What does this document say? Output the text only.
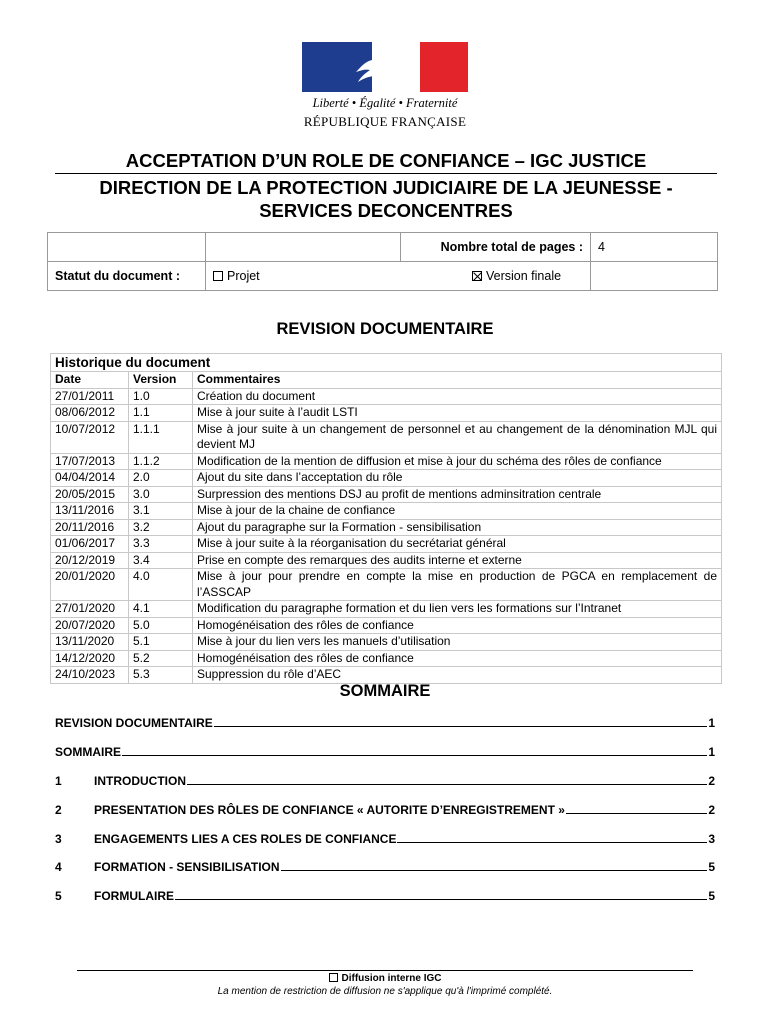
Liberté • Égalité • Fraternité
RÉPUBLIQUE FRANÇAISE
ACCEPTATION D’UN ROLE DE CONFIANCE – IGC JUSTICE
DIRECTION DE LA PROTECTION JUDICIAIRE DE LA JEUNESSE - SERVICES DECONCENTRES
		Nombre total de pages :	4
Statut du document :	Projet			Version finale
REVISION DOCUMENTAIRE
Historique du document		
Date	Version	Commentaires
27/01/2011	1.0	Création du document
08/06/2012	1.1	Mise à jour suite à l’audit LSTI
10/07/2012	1.1.1	Mise à jour suite à un changement de personnel et au changement de la dénomination MJL qui devient MJ
17/07/2013	1.1.2	Modification de la mention de diffusion et mise à jour du schéma des rôles de confiance
04/04/2014	2.0	Ajout du site dans l’acceptation du rôle
20/05/2015	3.0	Surpression des mentions DSJ au profit de mentions adminsitration centrale
13/11/2016	3.1	Mise à jour de la chaine de confiance
20/11/2016	3.2	Ajout du paragraphe sur la Formation - sensibilisation
01/06/2017	3.3	Mise à jour suite à la réorganisation du secrétariat général
20/12/2019	3.4	Prise en compte des remarques des audits interne et externe
20/01/2020	4.0	Mise à jour pour prendre en compte la mise en production de PGCA en remplacement de l’ASSCAP
27/01/2020	4.1	Modification du paragraphe formation et du lien vers les formations sur l’Intranet
20/07/2020	5.0	Homogénéisation des rôles de confiance
13/11/2020	5.1	Mise à jour du lien vers les manuels d’utilisation
14/12/2020	5.2	Homogénéisation des rôles de confiance
24/10/2023	5.3	Suppression du rôle d’AEC
SOMMAIRE
REVISION DOCUMENTAIRE	1
SOMMAIRE	1
1	INTRODUCTION	2
2	PRESENTATION DES RÔLES DE CONFIANCE « AUTORITE D’ENREGISTREMENT »	2
3	ENGAGEMENTS LIES A CES ROLES DE CONFIANCE	3
4	FORMATION - SENSIBILISATION	5
5	FORMULAIRE	5
Diffusion interne IGC
La mention de restriction de diffusion ne s'applique qu'à l'imprimé complété.
